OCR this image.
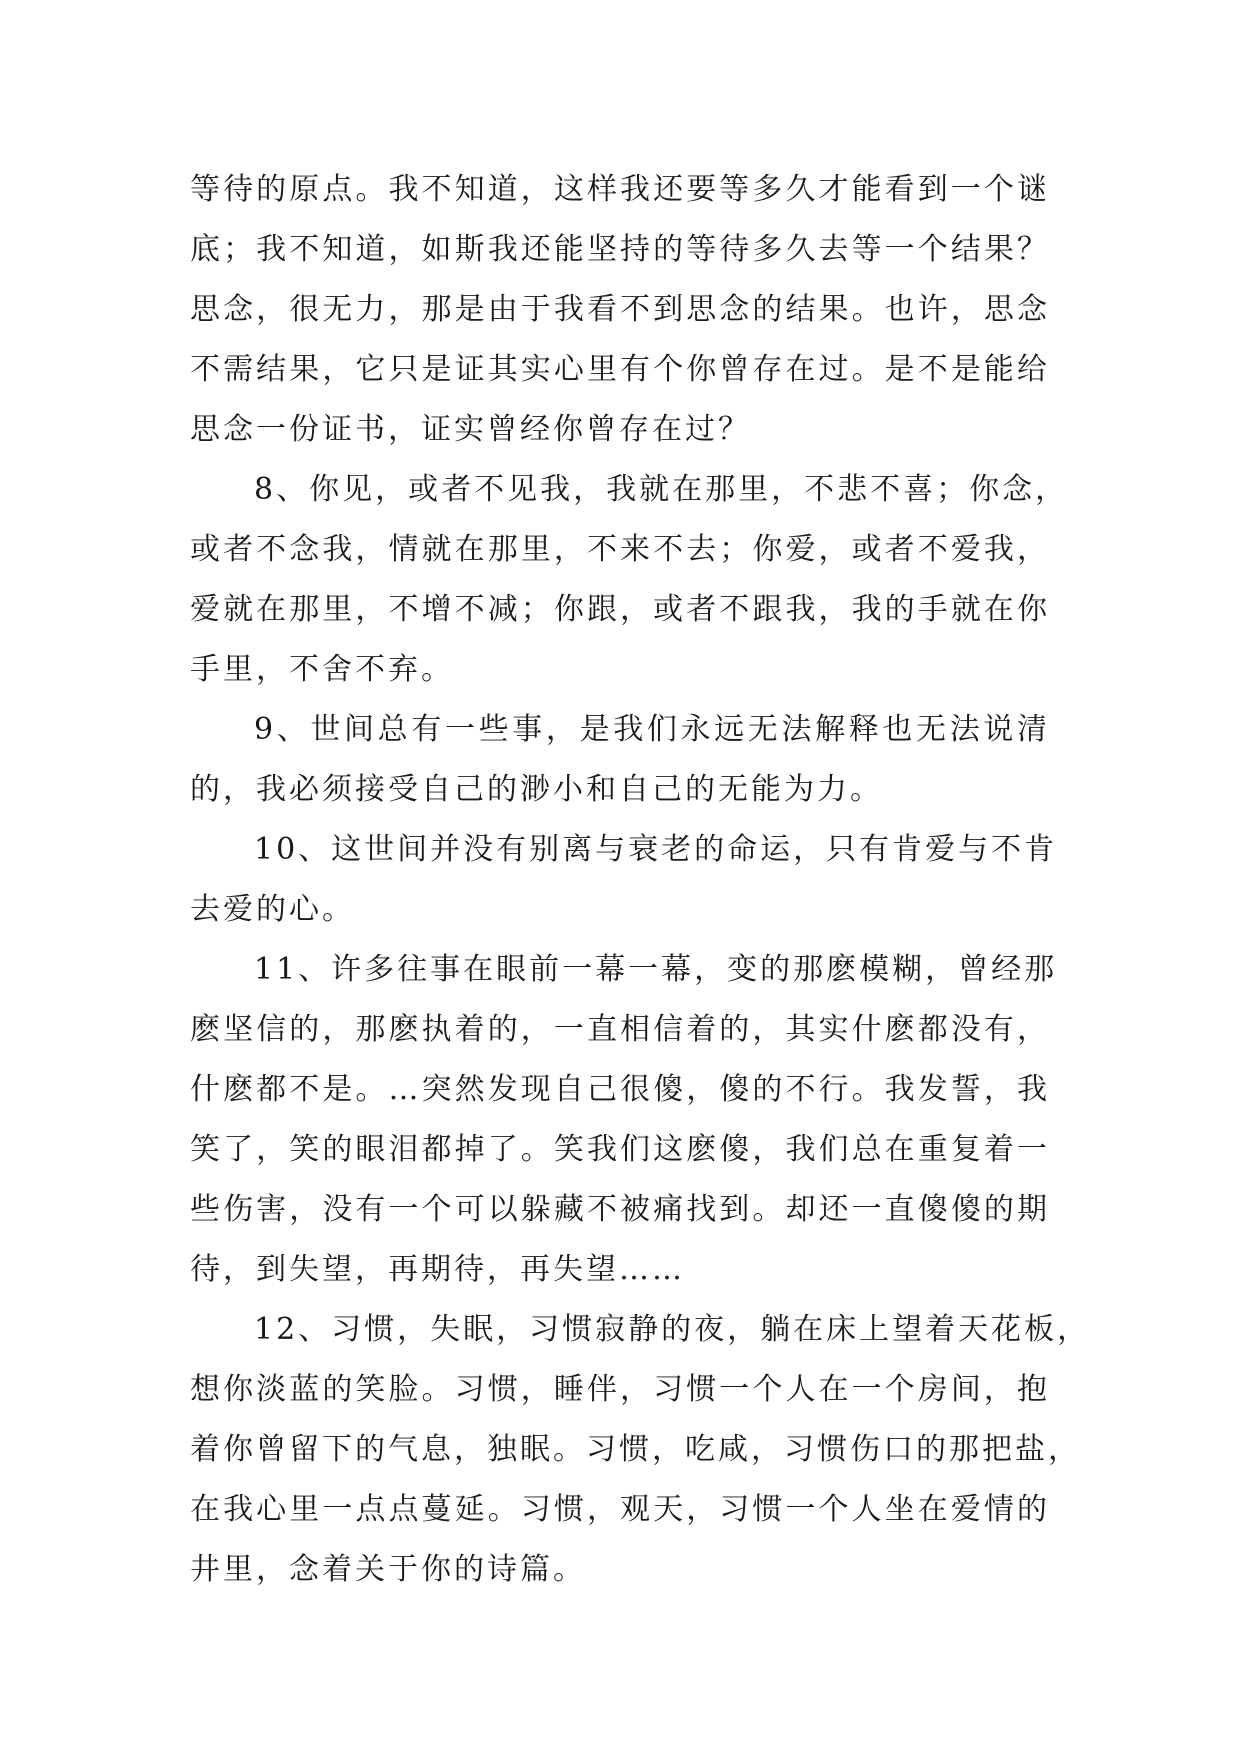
等待的原点。我不知道，这样我还要等多久才能看到一个谜
底；我不知道，如斯我还能坚持的等待多久去等一个结果？
思念，很无力，那是由于我看不到思念的结果。也许，思念
不需结果，它只是证其实心里有个你曾存在过。是不是能给
思念一份证书，证实曾经你曾存在过？
8、你见，或者不见我，我就在那里，不悲不喜；你念，
或者不念我，情就在那里，不来不去；你爱，或者不爱我，
爱就在那里，不增不减；你跟，或者不跟我，我的手就在你
手里，不舍不弃。
9、世间总有一些事，是我们永远无法解释也无法说清
的，我必须接受自己的渺小和自己的无能为力。
10、这世间并没有别离与衰老的命运，只有肯爱与不肯
去爱的心。
11、许多往事在眼前一幕一幕，变的那麽模糊，曾经那
麽坚信的，那麽执着的，一直相信着的，其实什麽都没有，
什麽都不是。…突然发现自己很傻，傻的不行。我发誓，我
笑了，笑的眼泪都掉了。笑我们这麽傻，我们总在重复着一
些伤害，没有一个可以躲藏不被痛找到。却还一直傻傻的期
待，到失望，再期待，再失望……
12、习惯，失眠，习惯寂静的夜，躺在床上望着天花板，
想你淡蓝的笑脸。习惯，睡伴，习惯一个人在一个房间，抱
着你曾留下的气息，独眠。习惯，吃咸，习惯伤口的那把盐，
在我心里一点点蔓延。习惯，观天，习惯一个人坐在爱情的
井里，念着关于你的诗篇。
